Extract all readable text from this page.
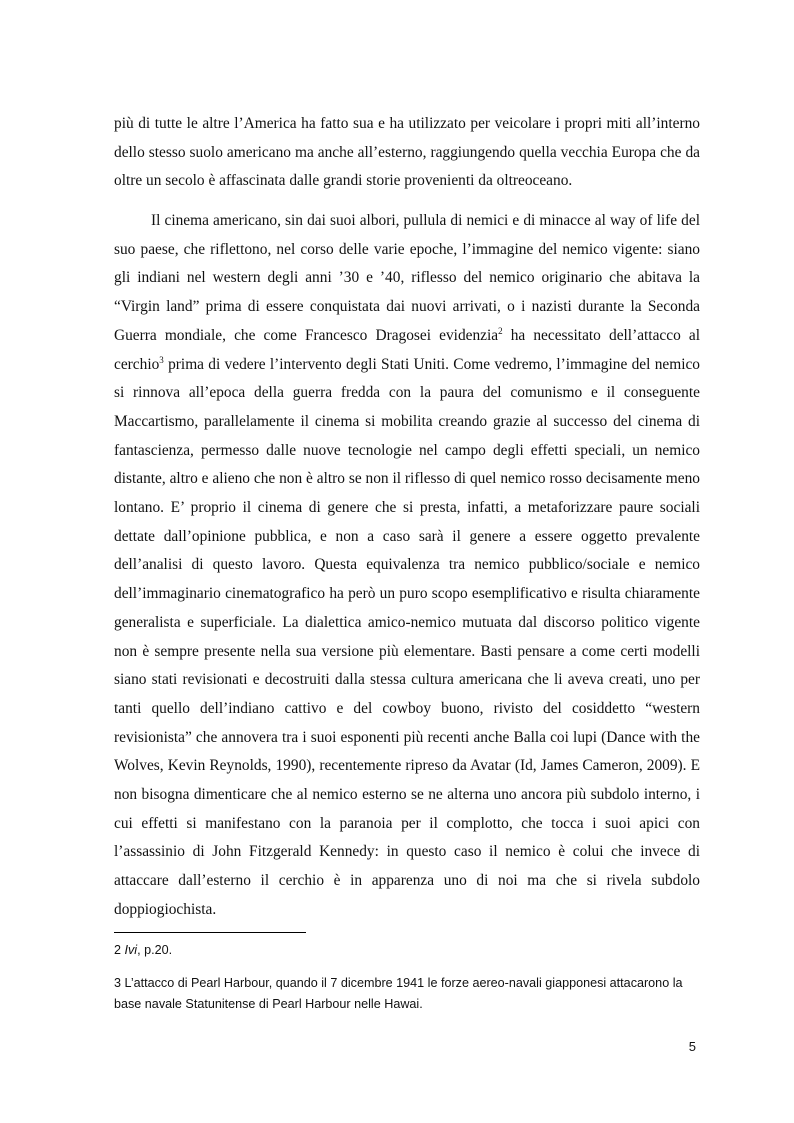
più di tutte le altre l’America ha fatto sua e ha utilizzato per veicolare i propri miti all’interno dello stesso suolo americano ma anche all’esterno, raggiungendo quella vecchia Europa che da oltre un secolo è affascinata dalle grandi storie provenienti da oltreoceano.

Il cinema americano, sin dai suoi albori, pullula di nemici e di minacce al way of life del suo paese, che riflettono, nel corso delle varie epoche, l’immagine del nemico vigente: siano gli indiani nel western degli anni ’30 e ’40, riflesso del nemico originario che abitava la “Virgin land” prima di essere conquistata dai nuovi arrivati, o i nazisti durante la Seconda Guerra mondiale, che come Francesco Dragosei evidenzia$^2$ ha necessitato dell’attacco al cerchio$^3$ prima di vedere l’intervento degli Stati Uniti. Come vedremo, l’immagine del nemico si rinnova all’epoca della guerra fredda con la paura del comunismo e il conseguente Maccartismo, parallelamente il cinema si mobilita creando grazie al successo del cinema di fantascienza, permesso dalle nuove tecnologie nel campo degli effetti speciali, un nemico distante, altro e alieno che non è altro se non il riflesso di quel nemico rosso decisamente meno lontano. E’ proprio il cinema di genere che si presta, infatti, a metaforizzare paure sociali dettate dall’opinione pubblica, e non a caso sarà il genere a essere oggetto prevalente dell’analisi di questo lavoro. Questa equivalenza tra nemico pubblico/sociale e nemico dell’immaginario cinematografico ha però un puro scopo esemplificativo e risulta chiaramente generalista e superficiale. La dialettica amico-nemico mutuata dal discorso politico vigente non è sempre presente nella sua versione più elementare. Basti pensare a come certi modelli siano stati revisionati e decostruiti dalla stessa cultura americana che li aveva creati, uno per tanti quello dell’indiano cattivo e del cowboy buono, rivisto del cosiddetto “western revisionista” che annovera tra i suoi esponenti più recenti anche Balla coi lupi (Dance with the Wolves, Kevin Reynolds, 1990), recentemente ripreso da Avatar (Id, James Cameron, 2009). E non bisogna dimenticare che al nemico esterno se ne alterna uno ancora più subdolo interno, i cui effetti si manifestano con la paranoia per il complotto, che tocca i suoi apici con l’assassinio di John Fitzgerald Kennedy: in questo caso il nemico è colui che invece di attaccare dall’esterno il cerchio è in apparenza uno di noi ma che si rivela subdolo doppiogiochista.

2 Ivi, p.20.

3 L’attacco di Pearl Harbour, quando il 7 dicembre 1941 le forze aereo-navali giapponesi attacarono la base navale Statunitense di Pearl Harbour nelle Hawai.

5
